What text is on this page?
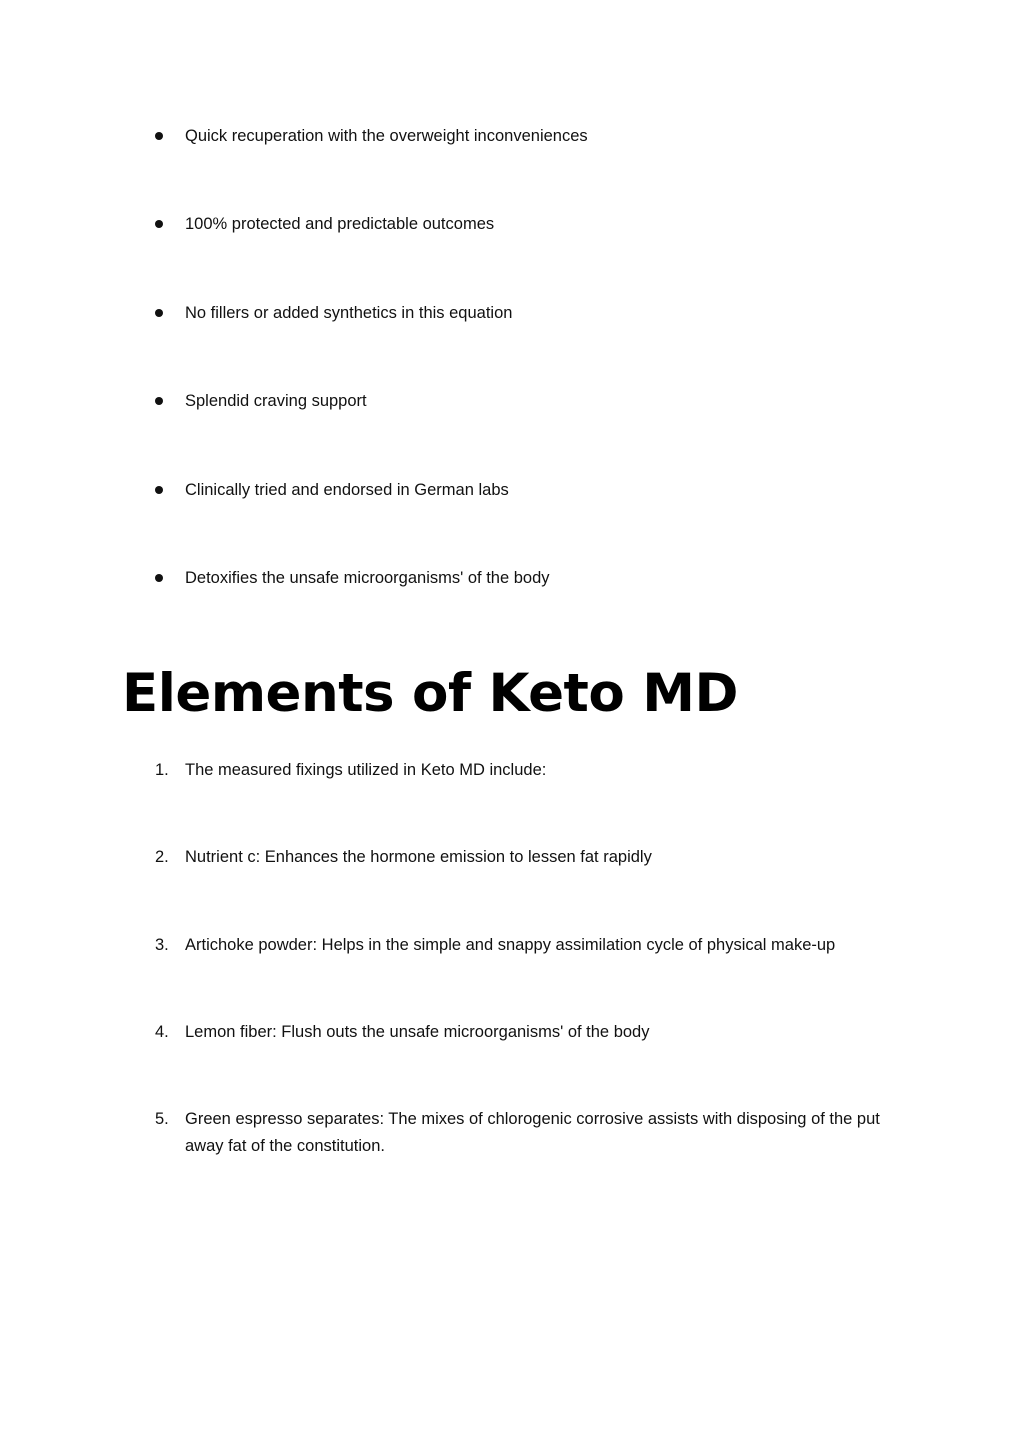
Quick recuperation with the overweight inconveniences
100% protected and predictable outcomes
No fillers or added synthetics in this equation
Splendid craving support
Clinically tried and endorsed in German labs
Detoxifies the unsafe microorganisms' of the body
Elements of Keto MD
1. The measured fixings utilized in Keto MD include:
2. Nutrient c: Enhances the hormone emission to lessen fat rapidly
3. Artichoke powder: Helps in the simple and snappy assimilation cycle of physical make-up
4. Lemon fiber: Flush outs the unsafe microorganisms' of the body
5. Green espresso separates: The mixes of chlorogenic corrosive assists with disposing of the put away fat of the constitution.
